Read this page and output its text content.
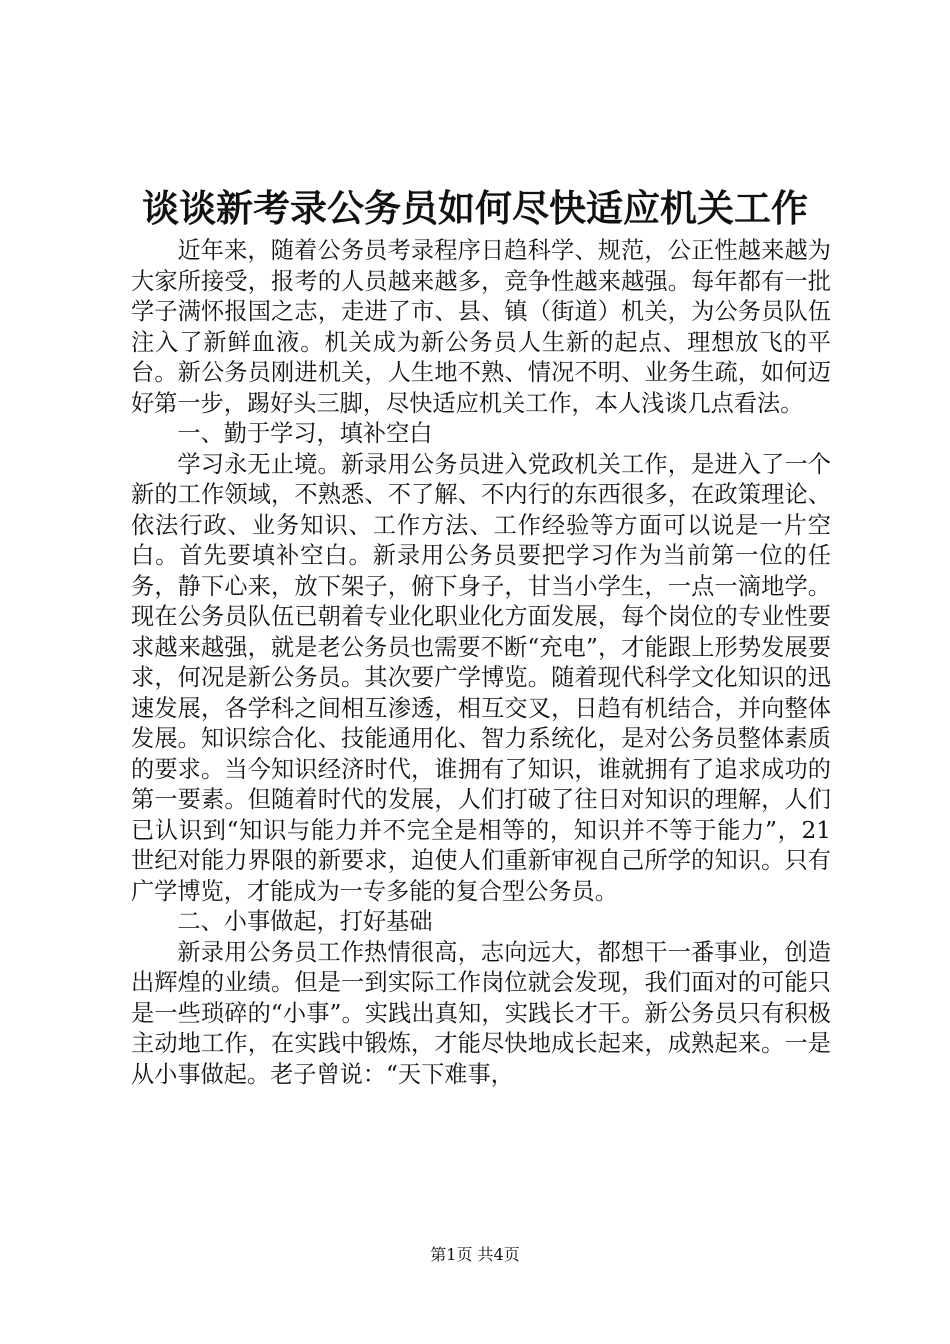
谈谈新考录公务员如何尽快适应机关工作

近年来，随着公务员考录程序日趋科学、规范，公正性越来越为大家所接受，报考的人员越来越多，竞争性越来越强。每年都有一批学子满怀报国之志，走进了市、县、镇（街道）机关，为公务员队伍注入了新鲜血液。机关成为新公务员人生新的起点、理想放飞的平台。新公务员刚进机关，人生地不熟、情况不明、业务生疏，如何迈好第一步，踢好头三脚，尽快适应机关工作，本人浅谈几点看法。

一、勤于学习，填补空白

学习永无止境。新录用公务员进入党政机关工作，是进入了一个新的工作领域，不熟悉、不了解、不内行的东西很多，在政策理论、依法行政、业务知识、工作方法、工作经验等方面可以说是一片空白。首先要填补空白。新录用公务员要把学习作为当前第一位的任务，静下心来，放下架子，俯下身子，甘当小学生，一点一滴地学。现在公务员队伍已朝着专业化职业化方面发展，每个岗位的专业性要求越来越强，就是老公务员也需要不断“充电”，才能跟上形势发展要求，何况是新公务员。其次要广学博览。随着现代科学文化知识的迅速发展，各学科之间相互渗透，相互交叉，日趋有机结合，并向整体发展。知识综合化、技能通用化、智力系统化，是对公务员整体素质的要求。当今知识经济时代，谁拥有了知识，谁就拥有了追求成功的第一要素。但随着时代的发展，人们打破了往日对知识的理解，人们已认识到“知识与能力并不完全是相等的，知识并不等于能力”，21世纪对能力界限的新要求，迫使人们重新审视自己所学的知识。只有广学博览，才能成为一专多能的复合型公务员。

二、小事做起，打好基础

新录用公务员工作热情很高，志向远大，都想干一番事业，创造出辉煌的业绩。但是一到实际工作岗位就会发现，我们面对的可能只是一些琐碎的“小事”。实践出真知，实践长才干。新公务员只有积极主动地工作，在实践中锻炼，才能尽快地成长起来，成熟起来。一是从小事做起。老子曾说：“天下难事，

第1页 共4页
